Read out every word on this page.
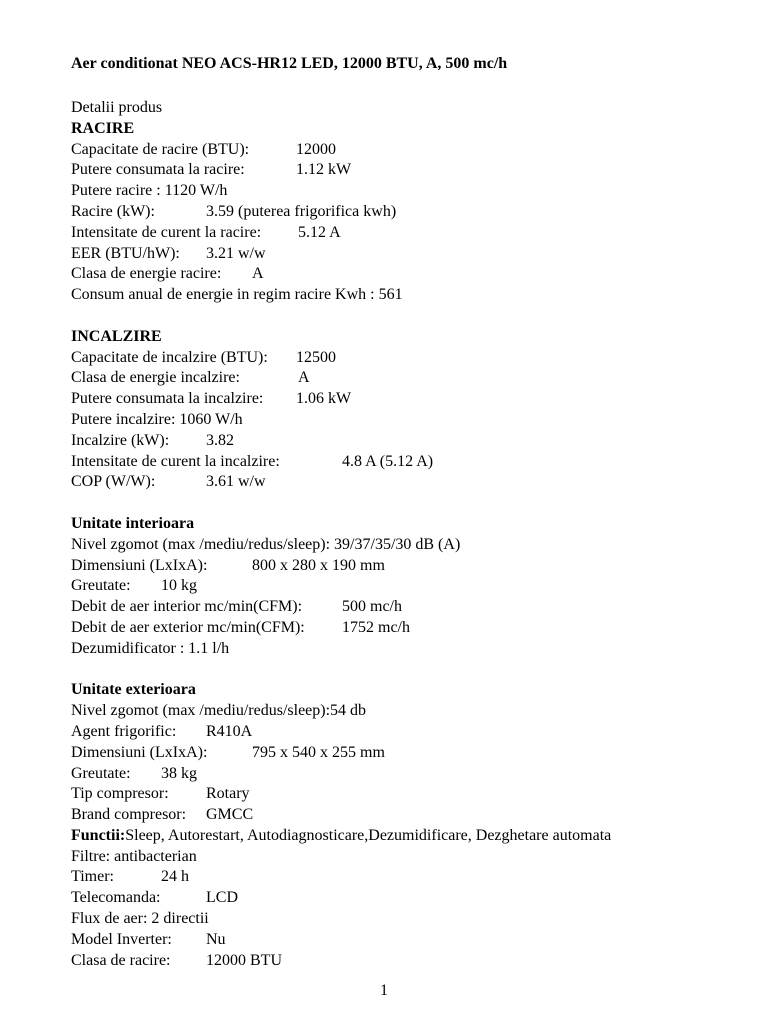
Aer conditionat NEO ACS-HR12 LED, 12000 BTU, A, 500 mc/h
Detalii produs
RACIRE
Capacitate de racire (BTU):	12000
Putere consumata la racire:	1.12 kW
Putere racire : 1120 W/h
Racire (kW):	3.59 (puterea frigorifica kwh)
Intensitate de curent la racire: 5.12 A
EER (BTU/hW): 3.21 w/w
Clasa de energie racire: A
Consum anual de energie in regim racire Kwh : 561
INCALZIRE
Capacitate de incalzire (BTU): 12500
Clasa de energie incalzire:	A
Putere consumata la incalzire: 1.06 kW
Putere incalzire: 1060 W/h
Incalzire (kW): 3.82
Intensitate de curent la incalzire:	4.8 A (5.12 A)
COP (W/W):	3.61 w/w
Unitate interioara
Nivel zgomot (max /mediu/redus/sleep): 39/37/35/30 dB (A)
Dimensiuni (LxIxA):	800 x 280 x 190 mm
Greutate: 10 kg
Debit de aer interior mc/min(CFM): 500 mc/h
Debit de aer exterior mc/min(CFM): 1752 mc/h
Dezumidificator : 1.1 l/h
Unitate exterioara
Nivel zgomot (max /mediu/redus/sleep):54 db
Agent frigorific: R410A
Dimensiuni (LxIxA):	795 x 540 x 255 mm
Greutate: 38 kg
Tip compresor: Rotary
Brand compresor: GMCC
Functii:Sleep, Autorestart, Autodiagnosticare,Dezumidificare, Dezghetare automata
Filtre: antibacterian
Timer:	24 h
Telecomanda:	LCD
Flux de aer: 2 directii
Model Inverter: Nu
Clasa de racire: 12000 BTU
1
